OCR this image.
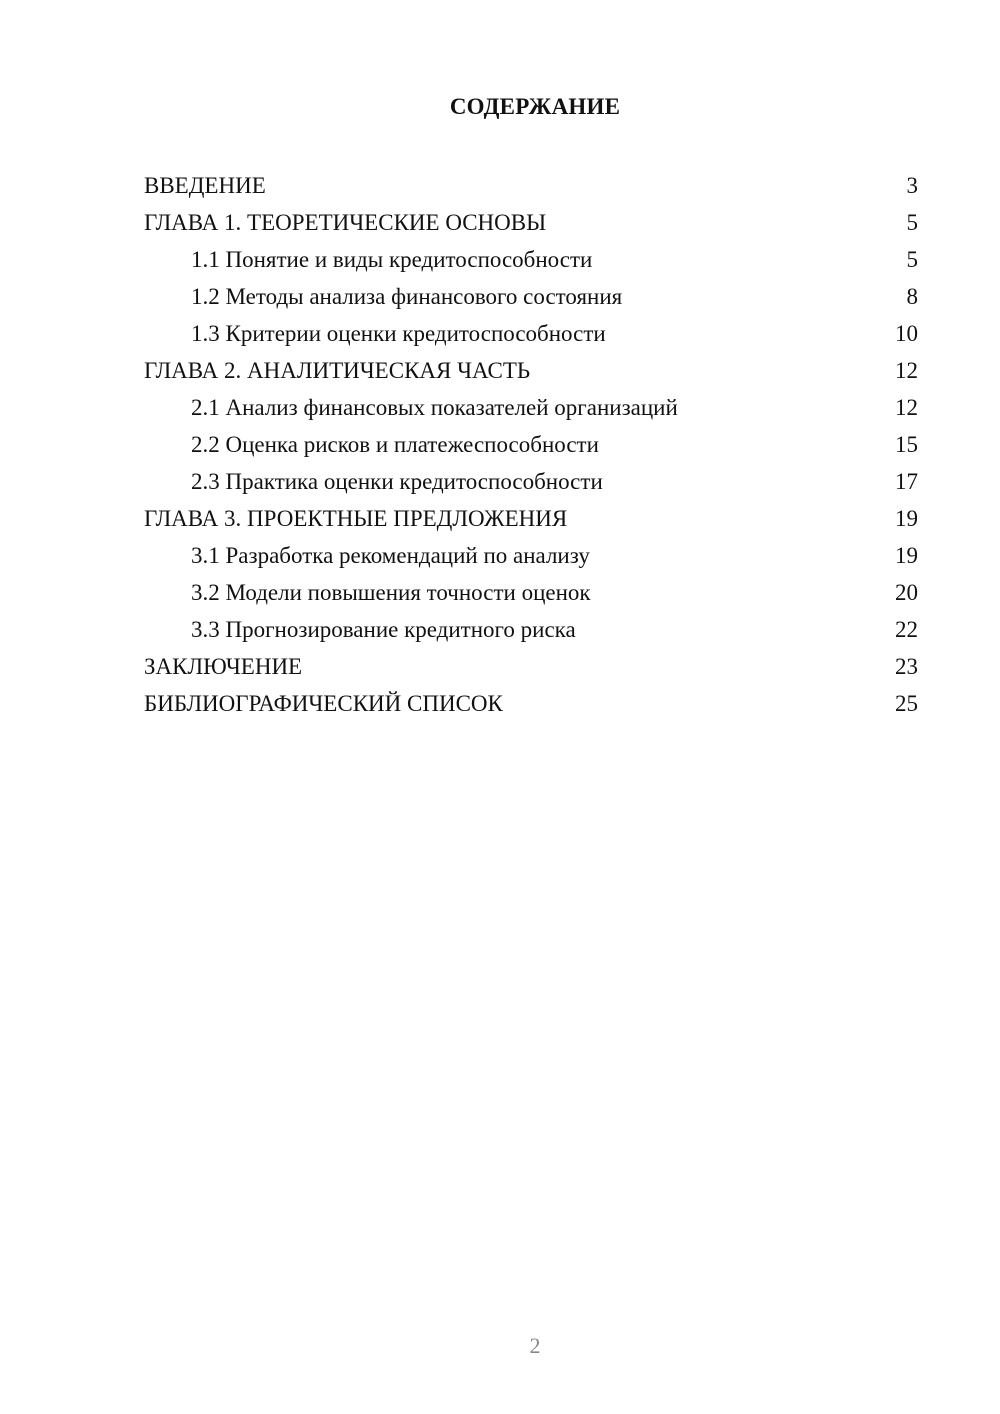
СОДЕРЖАНИЕ
ВВЕДЕНИЕ	3
ГЛАВА 1. ТЕОРЕТИЧЕСКИЕ ОСНОВЫ	5
1.1 Понятие и виды кредитоспособности	5
1.2 Методы анализа финансового состояния	8
1.3 Критерии оценки кредитоспособности	10
ГЛАВА 2. АНАЛИТИЧЕСКАЯ ЧАСТЬ	12
2.1 Анализ финансовых показателей организаций	12
2.2 Оценка рисков и платежеспособности	15
2.3 Практика оценки кредитоспособности	17
ГЛАВА 3. ПРОЕКТНЫЕ ПРЕДЛОЖЕНИЯ	19
3.1 Разработка рекомендаций по анализу	19
3.2 Модели повышения точности оценок	20
3.3 Прогнозирование кредитного риска	22
ЗАКЛЮЧЕНИЕ	23
БИБЛИОГРАФИЧЕСКИЙ СПИСОК	25
2
